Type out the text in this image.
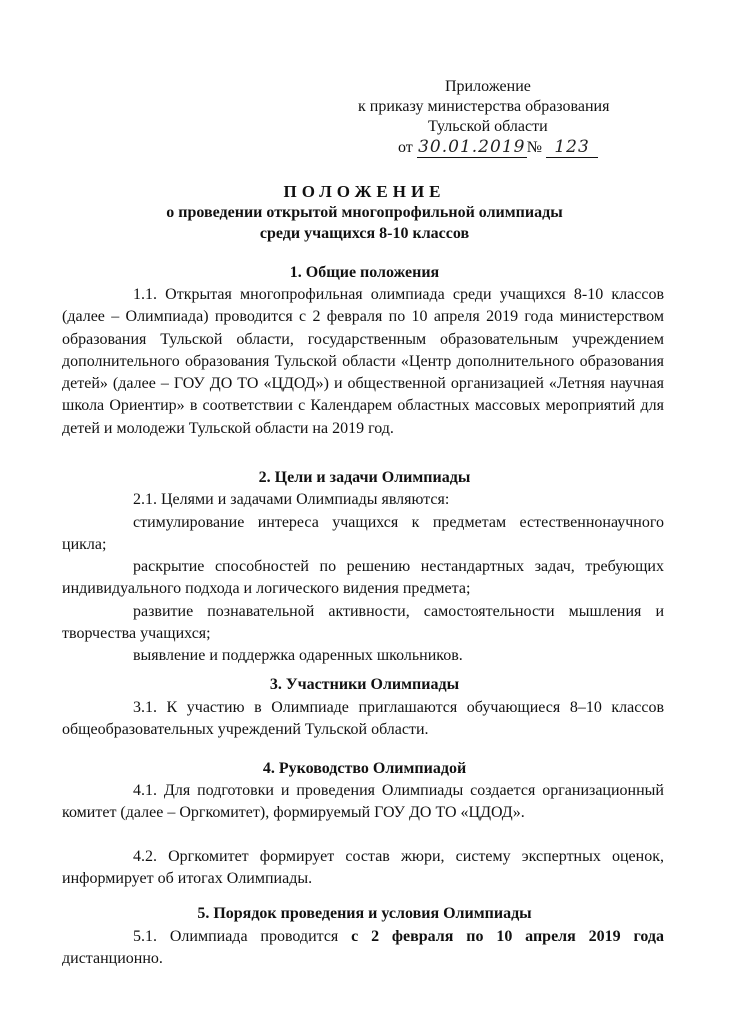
Приложение
к приказу министерства образования
Тульской области
от 30.01.2019№ 123
ПОЛОЖЕНИЕ
о проведении открытой многопрофильной олимпиады
среди учащихся 8-10 классов
1. Общие положения
1.1. Открытая многопрофильная олимпиада среди учащихся 8-10 классов (далее – Олимпиада) проводится с 2 февраля по 10 апреля 2019 года министерством образования Тульской области, государственным образовательным учреждением дополнительного образования Тульской области «Центр дополнительного образования детей» (далее – ГОУ ДО ТО «ЦДОД») и общественной организацией «Летняя научная школа Ориентир» в соответствии с Календарем областных массовых мероприятий для детей и молодежи Тульской области на 2019 год.
2. Цели и задачи Олимпиады
2.1. Целями и задачами Олимпиады являются:
стимулирование интереса учащихся к предметам естественнонаучного цикла;
раскрытие способностей по решению нестандартных задач, требующих индивидуального подхода и логического видения предмета;
развитие познавательной активности, самостоятельности мышления и творчества учащихся;
выявление и поддержка одаренных школьников.
3. Участники Олимпиады
3.1. К участию в Олимпиаде приглашаются обучающиеся 8–10 классов общеобразовательных учреждений Тульской области.
4. Руководство Олимпиадой
4.1. Для подготовки и проведения Олимпиады создается организационный комитет (далее – Оргкомитет), формируемый ГОУ ДО ТО «ЦДОД».
4.2. Оргкомитет формирует состав жюри, систему экспертных оценок, информирует об итогах Олимпиады.
5. Порядок проведения и условия Олимпиады
5.1. Олимпиада проводится с 2 февраля по 10 апреля 2019 года дистанционно.
